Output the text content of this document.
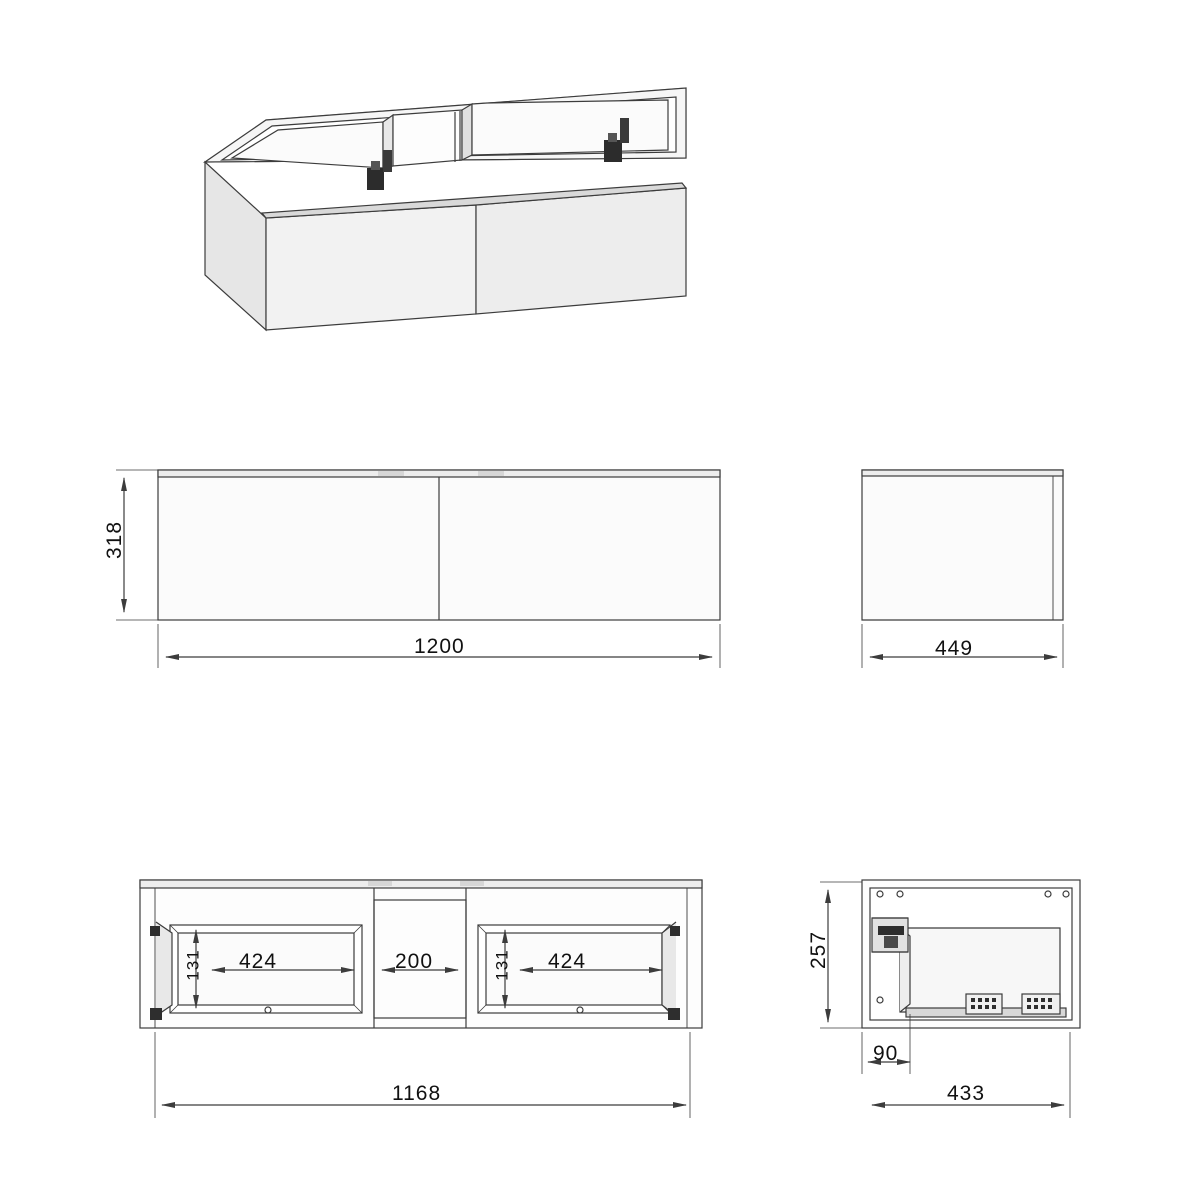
318
1200	449
131 424	200	131 424
1168
257
90
433
